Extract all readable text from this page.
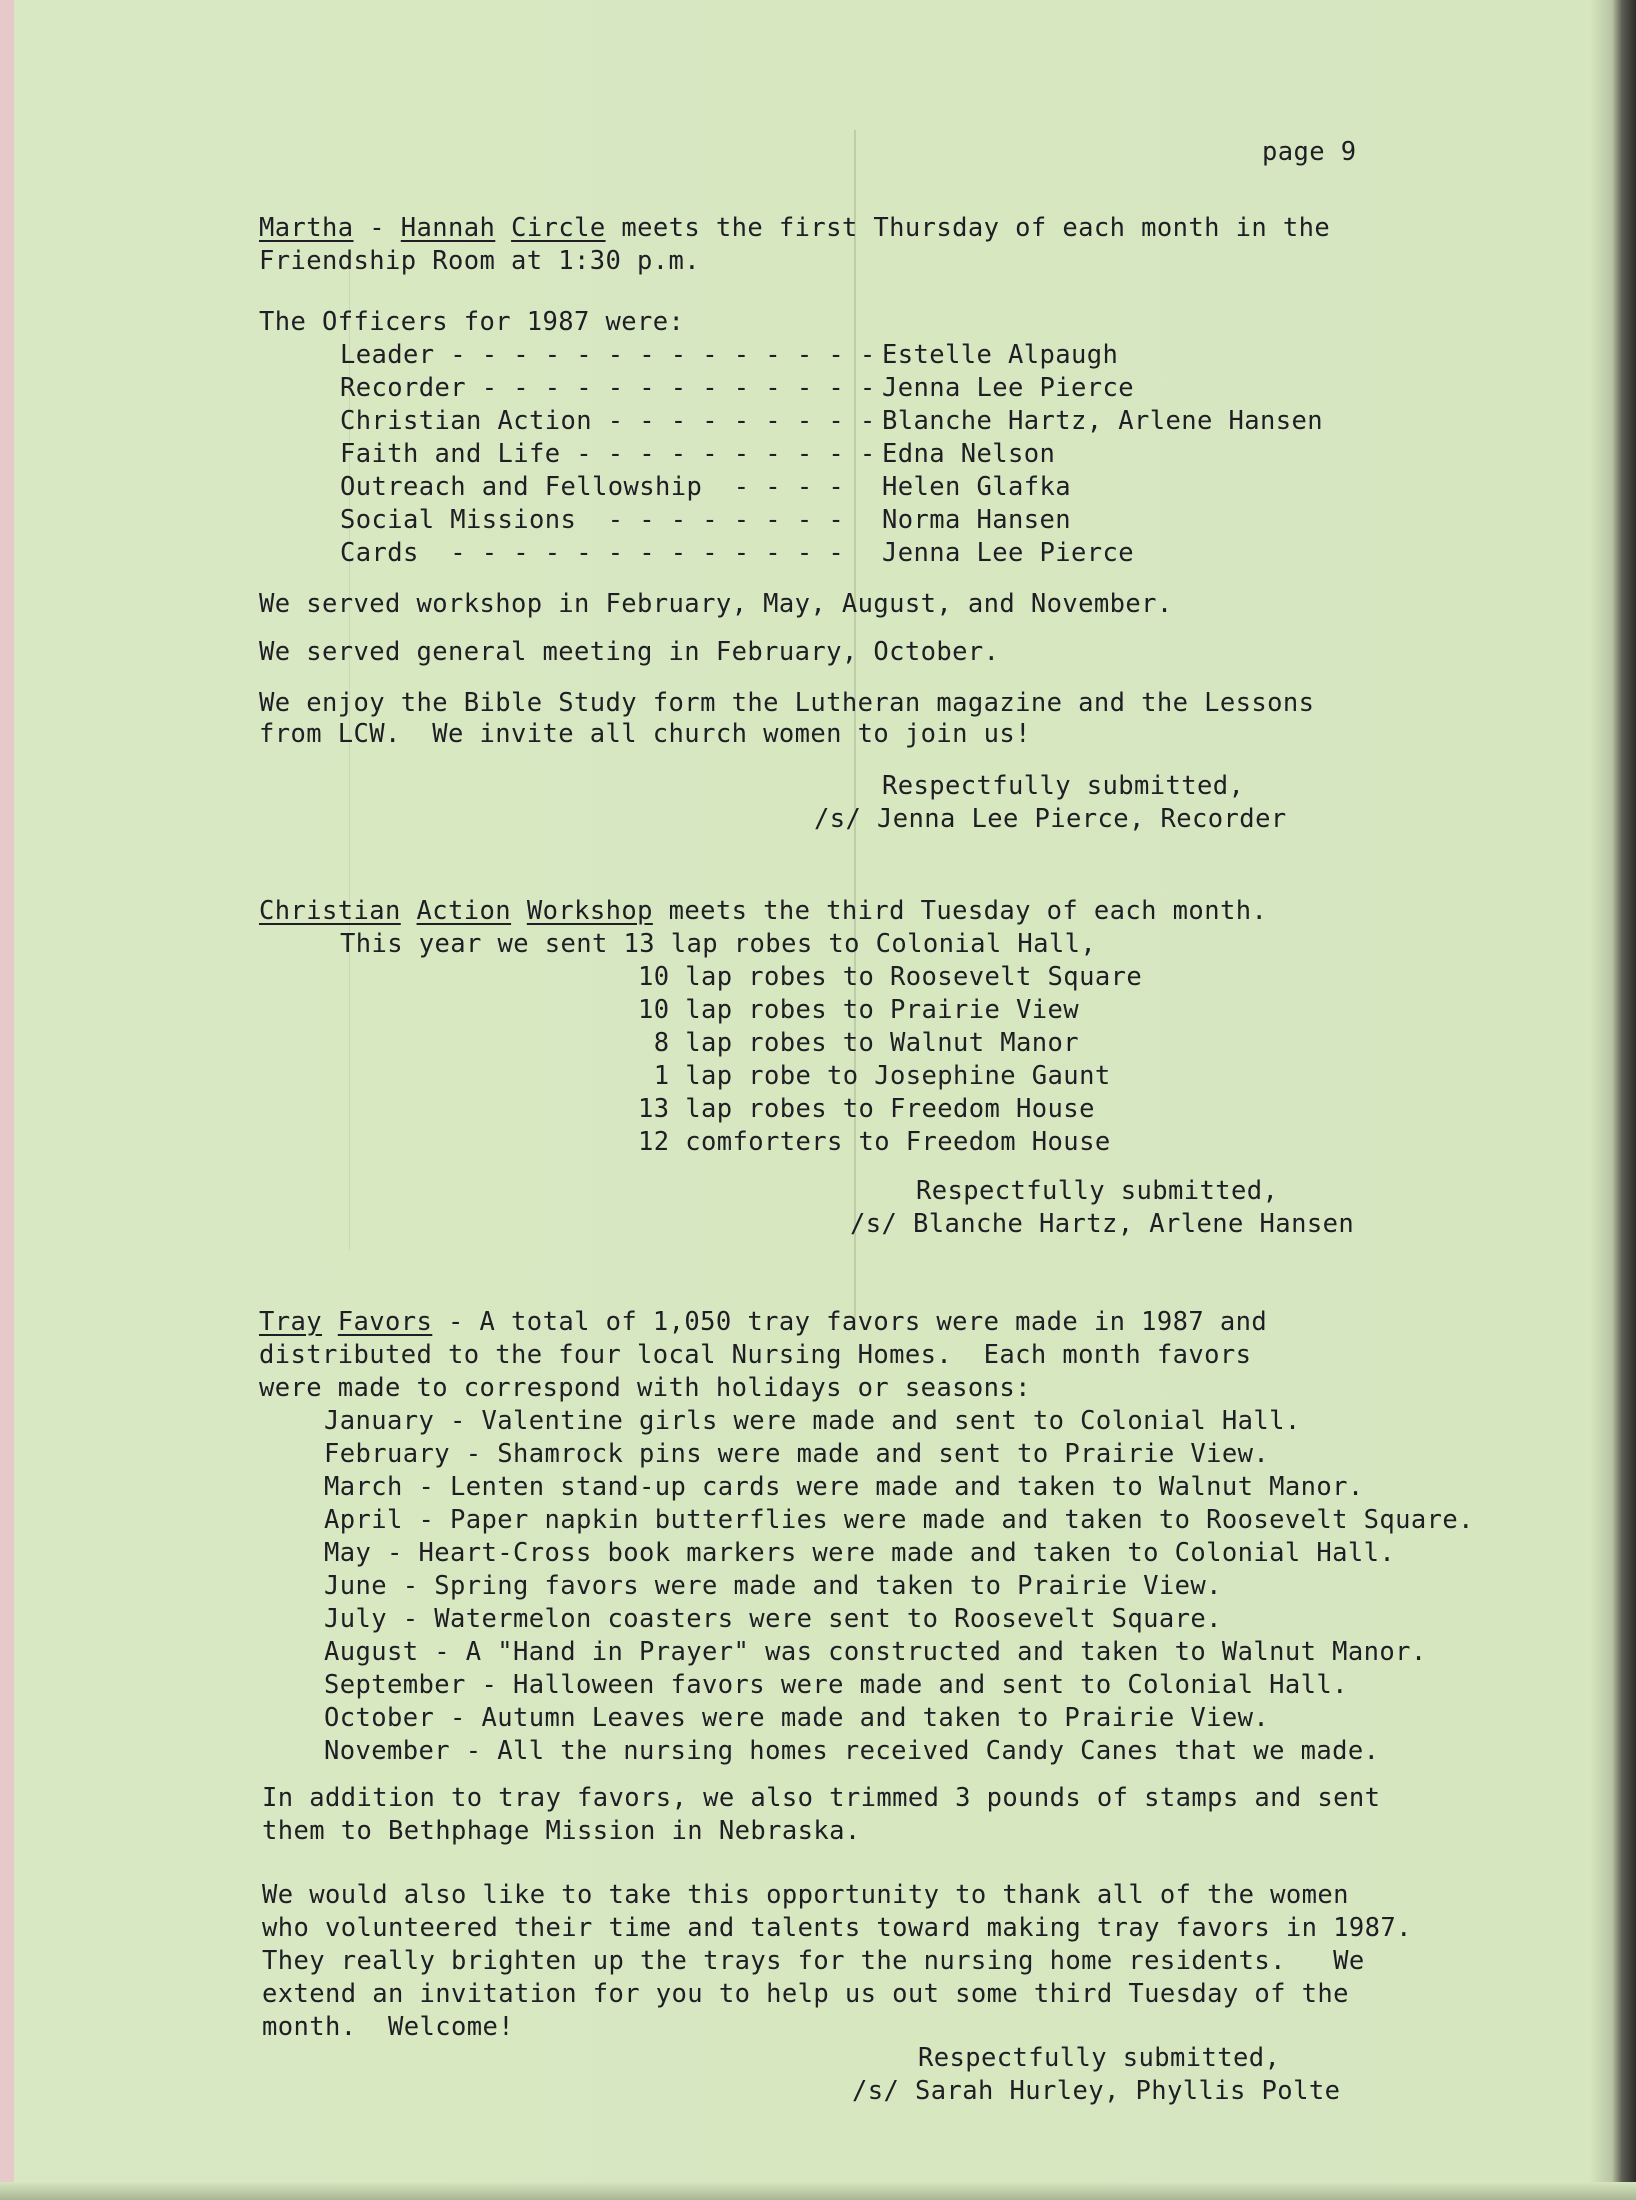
page 9
Martha - Hannah Circle meets the first Thursday of each month in the
Friendship Room at 1:30 p.m.
The Officers for 1987 were:
Leader - - - - - - - - - - - - - - Estelle Alpaugh
Recorder - - - - - - - - - - - - - Jenna Lee Pierce
Christian Action - - - - - - - - - Blanche Hartz, Arlene Hansen
Faith and Life - - - - - - - - - - Edna Nelson
Outreach and Fellowship  - - - - Helen Glafka
Social Missions  - - - - - - - - Norma Hansen
Cards  - - - - - - - - - - - - - Jenna Lee Pierce
We served workshop in February, May, August, and November.
We served general meeting in February, October.
We enjoy the Bible Study form the Lutheran magazine and the Lessons
from LCW.  We invite all church women to join us!
Respectfully submitted,
/s/ Jenna Lee Pierce, Recorder
Christian Action Workshop meets the third Tuesday of each month.
This year we sent 13 lap robes to Colonial Hall,
10 lap robes to Roosevelt Square
10 lap robes to Prairie View
8 lap robes to Walnut Manor
1 lap robe to Josephine Gaunt
13 lap robes to Freedom House
12 comforters to Freedom House
Respectfully submitted,
/s/ Blanche Hartz, Arlene Hansen
Tray Favors - A total of 1,050 tray favors were made in 1987 and
distributed to the four local Nursing Homes.  Each month favors
were made to correspond with holidays or seasons:
January - Valentine girls were made and sent to Colonial Hall.
February - Shamrock pins were made and sent to Prairie View.
March - Lenten stand-up cards were made and taken to Walnut Manor.
April - Paper napkin butterflies were made and taken to Roosevelt Square.
May - Heart-Cross book markers were made and taken to Colonial Hall.
June - Spring favors were made and taken to Prairie View.
July - Watermelon coasters were sent to Roosevelt Square.
August - A "Hand in Prayer" was constructed and taken to Walnut Manor.
September - Halloween favors were made and sent to Colonial Hall.
October - Autumn Leaves were made and taken to Prairie View.
November - All the nursing homes received Candy Canes that we made.
In addition to tray favors, we also trimmed 3 pounds of stamps and sent
them to Bethphage Mission in Nebraska.
We would also like to take this opportunity to thank all of the women
who volunteered their time and talents toward making tray favors in 1987.
They really brighten up the trays for the nursing home residents.   We
extend an invitation for you to help us out some third Tuesday of the
month.  Welcome!
Respectfully submitted,
/s/ Sarah Hurley, Phyllis Polte
